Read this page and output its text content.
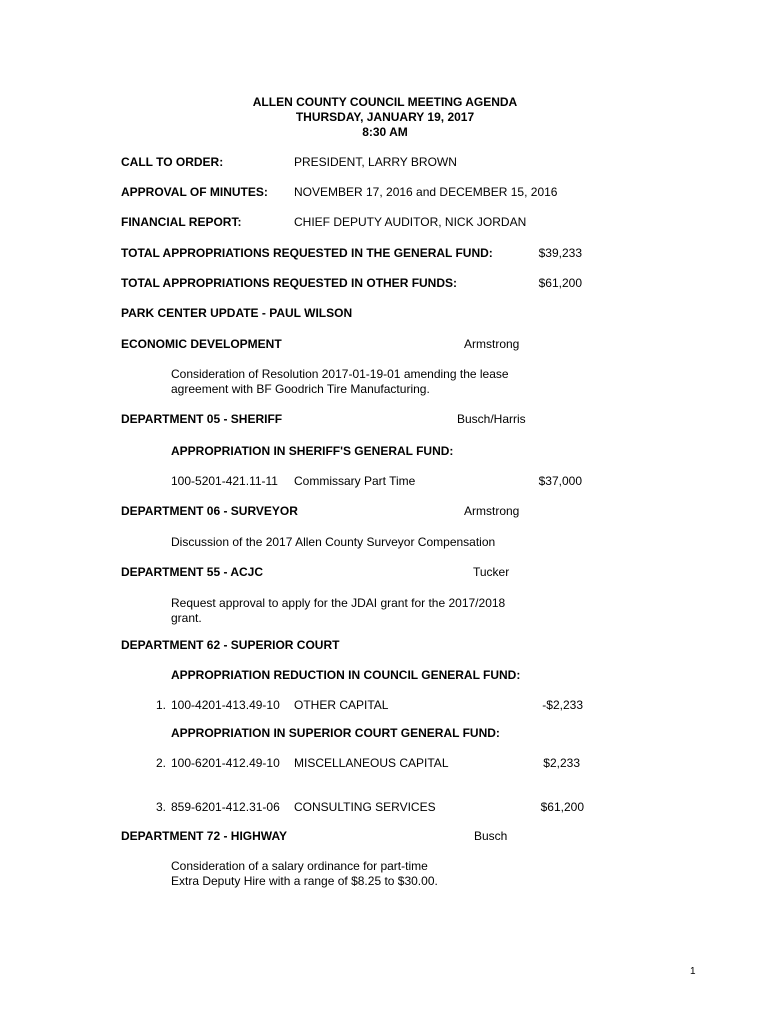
ALLEN COUNTY COUNCIL MEETING AGENDA
THURSDAY, JANUARY 19, 2017
8:30 AM
CALL TO ORDER:	PRESIDENT, LARRY BROWN
APPROVAL OF MINUTES: NOVEMBER 17, 2016 and DECEMBER 15, 2016
FINANCIAL REPORT:	CHIEF DEPUTY AUDITOR, NICK JORDAN
TOTAL APPROPRIATIONS REQUESTED IN THE GENERAL FUND:	$39,233
TOTAL APPROPRIATIONS REQUESTED IN OTHER FUNDS:	$61,200
PARK CENTER UPDATE - PAUL WILSON
ECONOMIC DEVELOPMENT	Armstrong
Consideration of Resolution 2017-01-19-01 amending the lease
agreement with BF Goodrich Tire Manufacturing.
DEPARTMENT 05 - SHERIFF	Busch/Harris
APPROPRIATION IN SHERIFF'S GENERAL FUND:
100-5201-421.11-11 Commissary Part Time	$37,000
DEPARTMENT 06 - SURVEYOR	Armstrong
Discussion of the 2017 Allen County Surveyor Compensation
DEPARTMENT 55 - ACJC	Tucker
Request approval to apply for the JDAI grant for the 2017/2018
grant.
DEPARTMENT 62 - SUPERIOR COURT
APPROPRIATION REDUCTION IN COUNCIL GENERAL FUND:
1. 100-4201-413.49-10 OTHER CAPITAL	-$2,233
APPROPRIATION IN SUPERIOR COURT GENERAL FUND:
2. 100-6201-412.49-10 MISCELLANEOUS CAPITAL	$2,233
3. 859-6201-412.31-06 CONSULTING SERVICES	$61,200
DEPARTMENT 72 - HIGHWAY	Busch
Consideration of a salary ordinance for part-time
Extra Deputy Hire with a range of $8.25 to $30.00.
1
